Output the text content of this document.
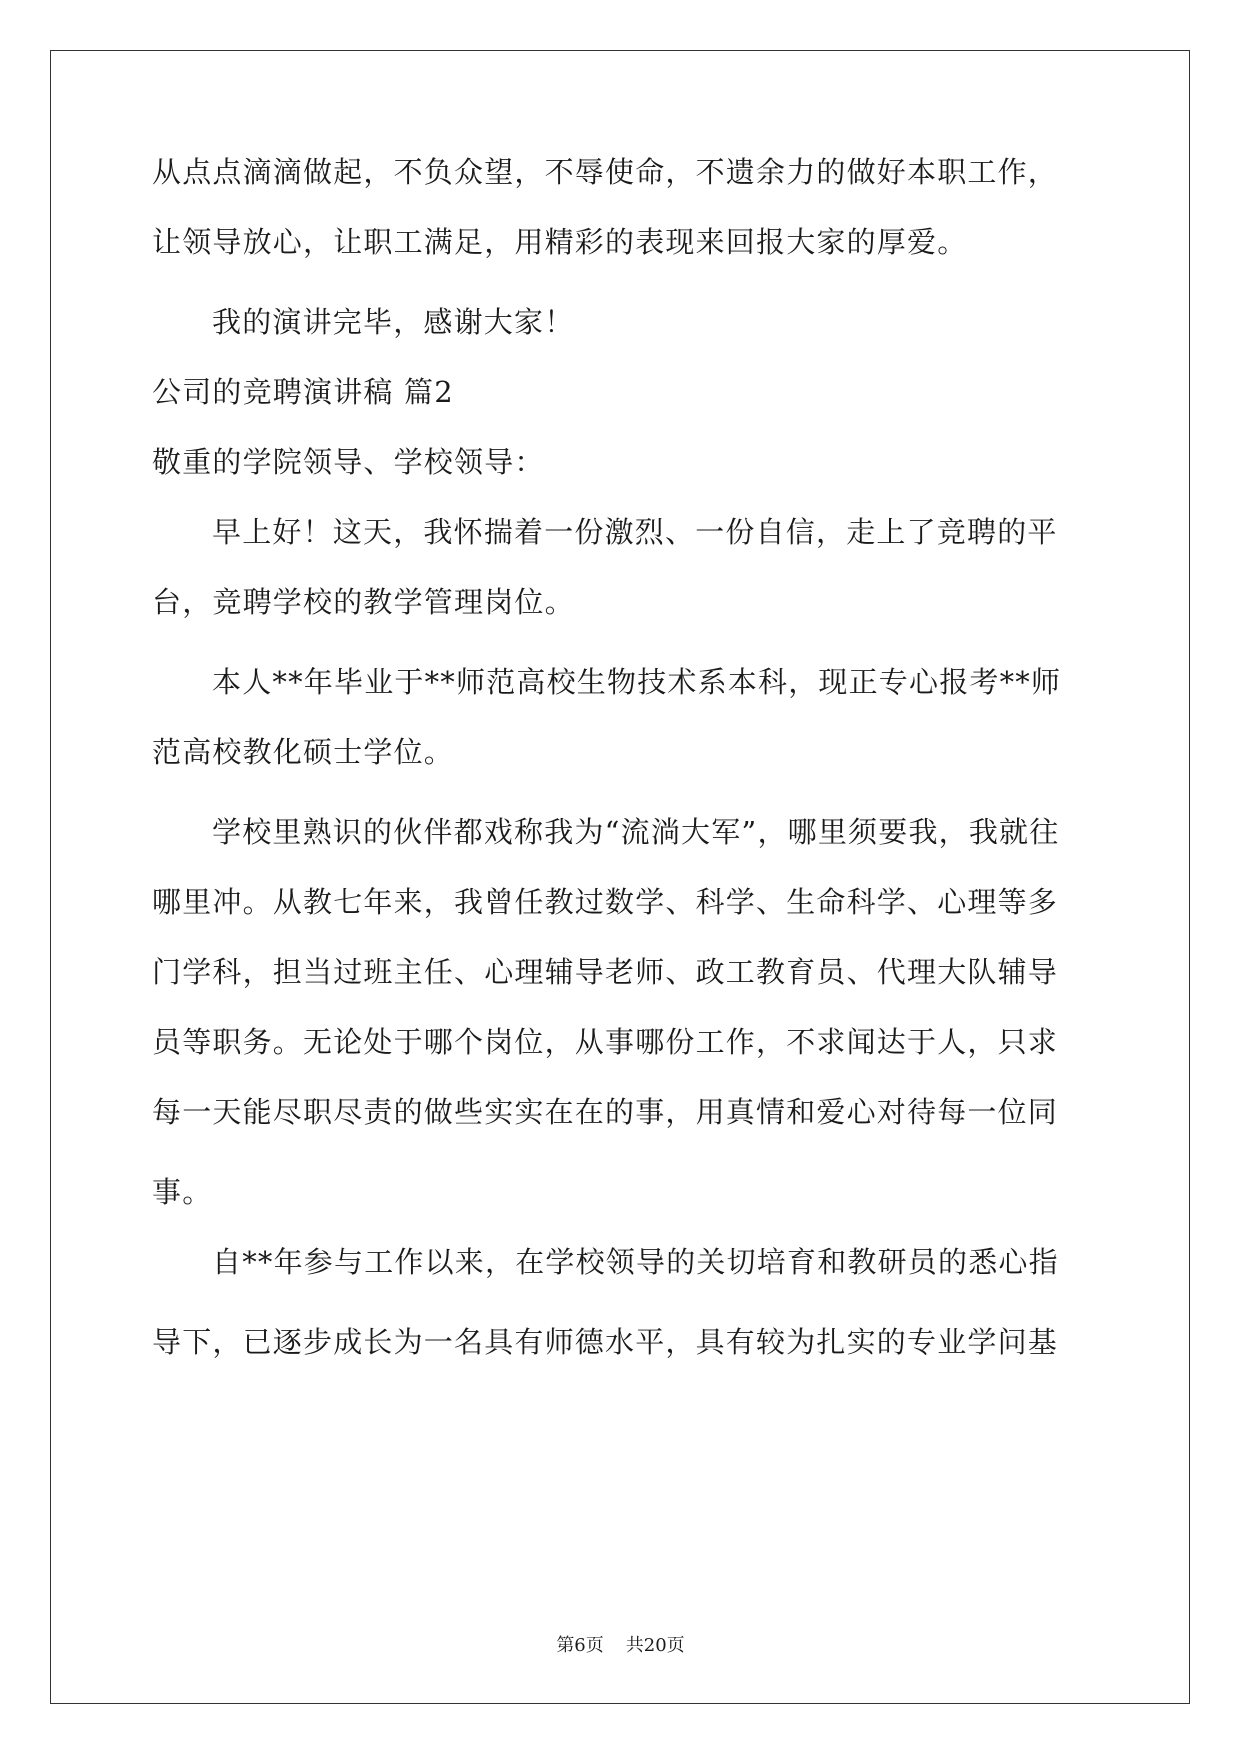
从点点滴滴做起，不负众望，不辱使命，不遗余力的做好本职工作，
让领导放心，让职工满足，用精彩的表现来回报大家的厚爱。
我的演讲完毕，感谢大家！
公司的竞聘演讲稿 篇2
敬重的学院领导、学校领导：
早上好！这天，我怀揣着一份激烈、一份自信，走上了竞聘的平
台，竞聘学校的教学管理岗位。
本人**年毕业于**师范高校生物技术系本科，现正专心报考**师
范高校教化硕士学位。
学校里熟识的伙伴都戏称我为“流淌大军”，哪里须要我，我就往
哪里冲。从教七年来，我曾任教过数学、科学、生命科学、心理等多
门学科，担当过班主任、心理辅导老师、政工教育员、代理大队辅导
员等职务。无论处于哪个岗位，从事哪份工作，不求闻达于人，只求
每一天能尽职尽责的做些实实在在的事，用真情和爱心对待每一位同
事。
自**年参与工作以来，在学校领导的关切培育和教研员的悉心指
导下，已逐步成长为一名具有师德水平，具有较为扎实的专业学问基
第6页 共20页
